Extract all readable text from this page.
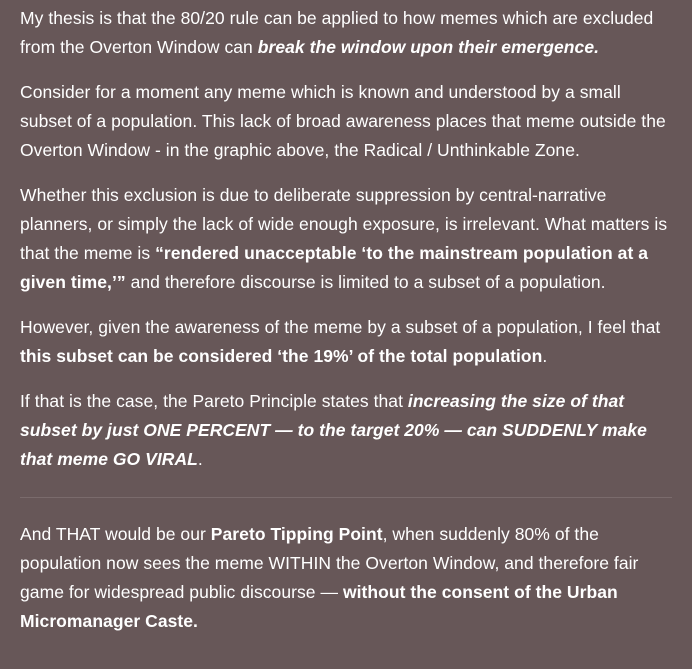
My thesis is that the 80/20 rule can be applied to how memes which are excluded from the Overton Window can break the window upon their emergence.

Consider for a moment any meme which is known and understood by a small subset of a population. This lack of broad awareness places that meme outside the Overton Window - in the graphic above, the Radical / Unthinkable Zone.

Whether this exclusion is due to deliberate suppression by central-narrative planners, or simply the lack of wide enough exposure, is irrelevant. What matters is that the meme is “rendered unacceptable ‘to the mainstream population at a given time,’” and therefore discourse is limited to a subset of a population.

However, given the awareness of the meme by a subset of a population, I feel that this subset can be considered ‘the 19%’ of the total population.

If that is the case, the Pareto Principle states that increasing the size of that subset by just ONE PERCENT — to the target 20% — can SUDDENLY make that meme GO VIRAL.

And THAT would be our Pareto Tipping Point, when suddenly 80% of the population now sees the meme WITHIN the Overton Window, and therefore fair game for widespread public discourse — without the consent of the Urban Micromanager Caste.
